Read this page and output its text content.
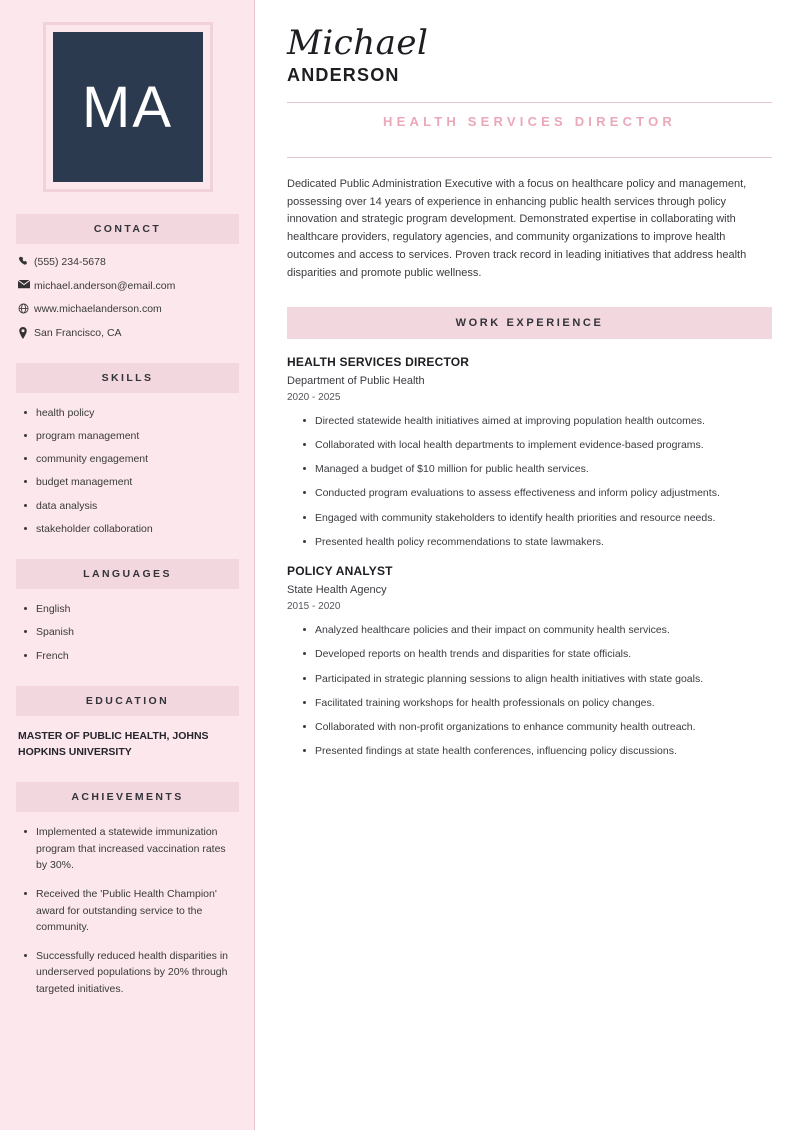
MA
CONTACT
(555) 234-5678
michael.anderson@email.com
www.michaelanderson.com
San Francisco, CA
SKILLS
health policy
program management
community engagement
budget management
data analysis
stakeholder collaboration
LANGUAGES
English
Spanish
French
EDUCATION
MASTER OF PUBLIC HEALTH, JOHNS HOPKINS UNIVERSITY
ACHIEVEMENTS
Implemented a statewide immunization program that increased vaccination rates by 30%.
Received the 'Public Health Champion' award for outstanding service to the community.
Successfully reduced health disparities in underserved populations by 20% through targeted initiatives.
Michael
ANDERSON
HEALTH SERVICES DIRECTOR

Dedicated Public Administration Executive with a focus on healthcare policy and management, possessing over 14 years of experience in enhancing public health services through policy innovation and strategic program development. Demonstrated expertise in collaborating with healthcare providers, regulatory agencies, and community organizations to improve health outcomes and access to services. Proven track record in leading initiatives that address health disparities and promote public wellness.

WORK EXPERIENCE
HEALTH SERVICES DIRECTOR
Department of Public Health
2020 - 2025
Directed statewide health initiatives aimed at improving population health outcomes.
Collaborated with local health departments to implement evidence-based programs.
Managed a budget of $10 million for public health services.
Conducted program evaluations to assess effectiveness and inform policy adjustments.
Engaged with community stakeholders to identify health priorities and resource needs.
Presented health policy recommendations to state lawmakers.
POLICY ANALYST
State Health Agency
2015 - 2020
Analyzed healthcare policies and their impact on community health services.
Developed reports on health trends and disparities for state officials.
Participated in strategic planning sessions to align health initiatives with state goals.
Facilitated training workshops for health professionals on policy changes.
Collaborated with non-profit organizations to enhance community health outreach.
Presented findings at state health conferences, influencing policy discussions.
